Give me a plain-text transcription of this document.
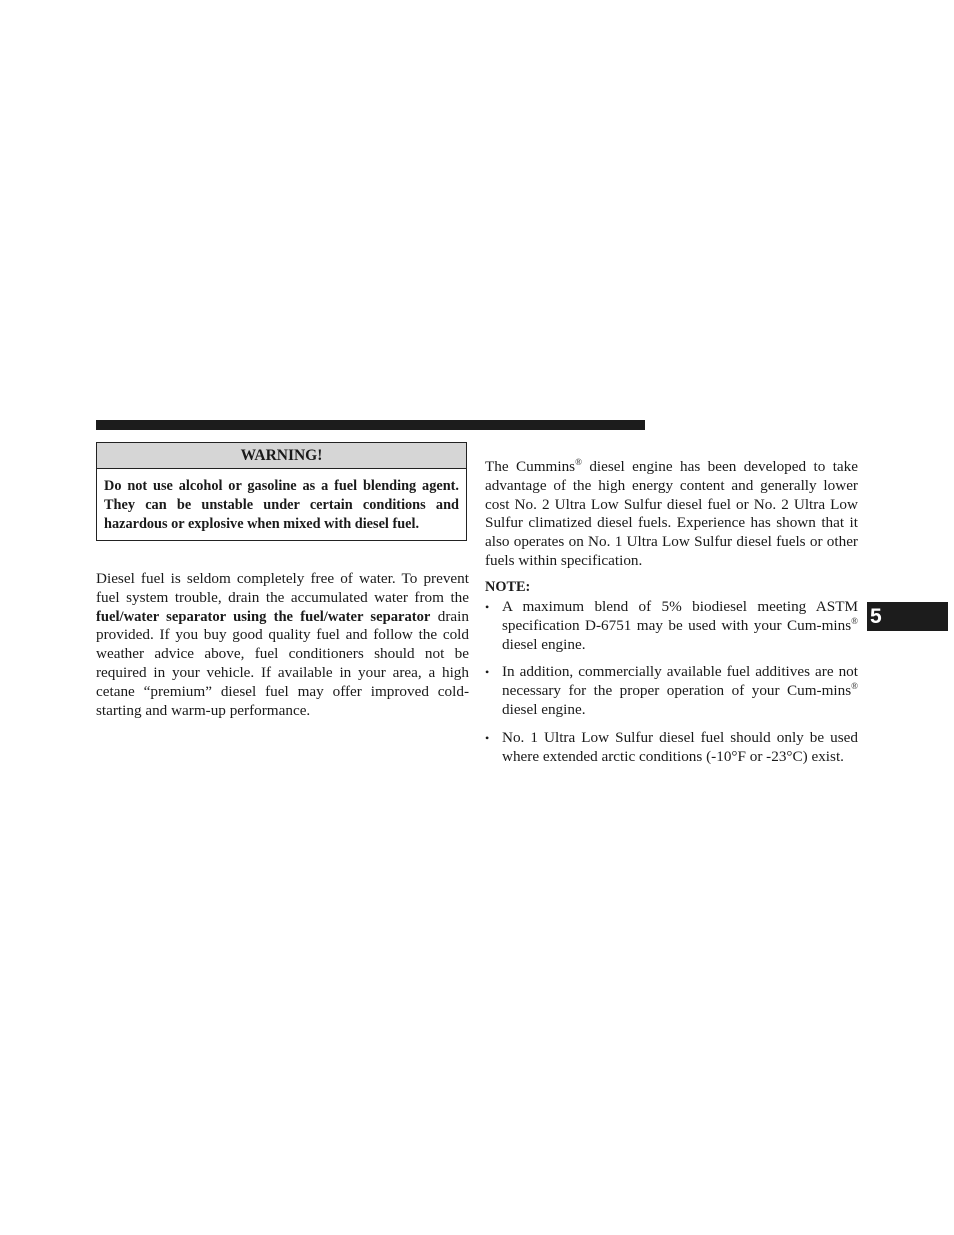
WARNING!
Do not use alcohol or gasoline as a fuel blending agent. They can be unstable under certain conditions and hazardous or explosive when mixed with diesel fuel.
Diesel fuel is seldom completely free of water. To prevent fuel system trouble, drain the accumulated water from the fuel/water separator using the fuel/water separator drain provided. If you buy good quality fuel and follow the cold weather advice above, fuel conditioners should not be required in your vehicle. If available in your area, a high cetane “premium” diesel fuel may offer improved cold-starting and warm-up performance.
The Cummins® diesel engine has been developed to take advantage of the high energy content and generally lower cost No. 2 Ultra Low Sulfur diesel fuel or No. 2 Ultra Low Sulfur climatized diesel fuels. Experience has shown that it also operates on No. 1 Ultra Low Sulfur diesel fuels or other fuels within specification.
NOTE:
• A maximum blend of 5% biodiesel meeting ASTM specification D-6751 may be used with your Cum-mins® diesel engine.
• In addition, commercially available fuel additives are not necessary for the proper operation of your Cum-mins® diesel engine.
• No. 1 Ultra Low Sulfur diesel fuel should only be used where extended arctic conditions (-10°F or -23°C) exist.
5
